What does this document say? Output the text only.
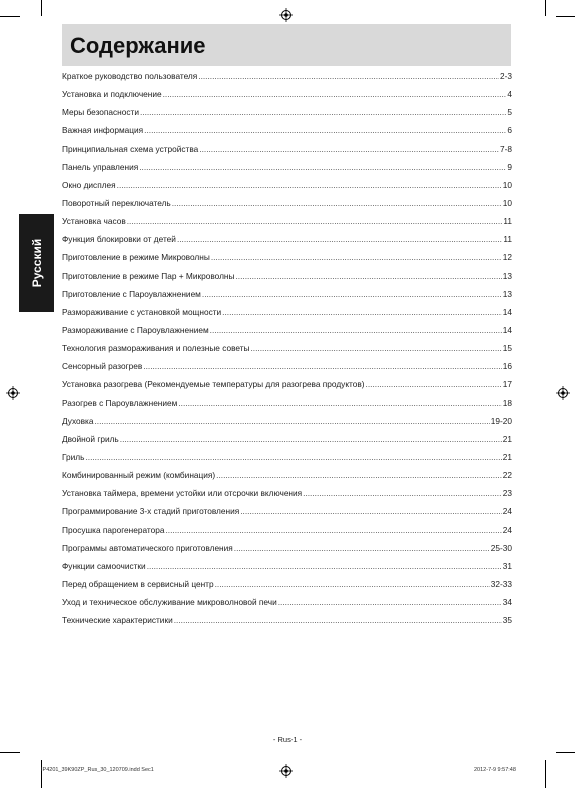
Содержание
Русский
Краткое руководство пользователя .....	2-3
Установка и подключение .....	4
Меры безопасности .....	5
Важная информация .....	6
Принципиальная схема устройства .....	7-8
Панель управления .....	9
Окно дисплея .....	10
Поворотный переключатель .....	10
Установка часов .....	11
Функция блокировки от детей .....	11
Приготовление в режиме Микроволны .....	12
Приготовление в режиме Пар + Микроволны .....	13
Приготовление с Пароувлажнением .....	13
Размораживание с установкой мощности .....	14
Размораживание с Пароувлажнением .....	14
Технология размораживания и полезные советы .....	15
Сенсорный разогрев .....	16
Установка разогрева (Рекомендуемые температуры для разогрева продуктов) .....	17
Разогрев с Пароувлажнением .....	18
Духовка .....	19-20
Двойной гриль .....	21
Гриль .....	21
Комбинированный режим (комбинация) .....	22
Установка таймера, времени устойки или отсрочки включения .....	23
Программирование 3-х стадий приготовления .....	24
Просушка парогенератора .....	24
Программы автоматического приготовления .....	25-30
Функции самоочистки .....	31
Перед обращением в сервисный центр .....	32-33
Уход и техническое обслуживание микроволновой печи .....	34
Технические характеристики .....	35
- Rus-1 -
IP4201_39K90ZP_Rus_30_120709.indd Sec1	2012-7-9 9:57:48
